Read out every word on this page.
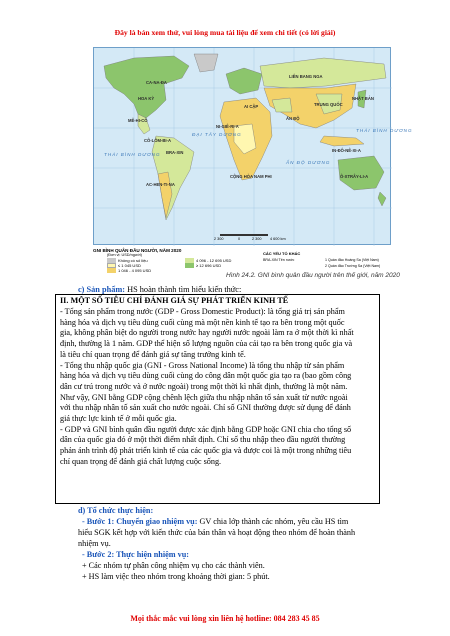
Đây là bản xem thử, vui lòng mua tài liệu để xem chi tiết (có lời giải)
CA-NA-ĐA
HOA KỲ
MÊ-HI-CÔ
CÔ-LÔM-BI-A
BRA-XIN
AC-HEN-TI-NA
LIÊN BANG NGA
TRUNG QUỐC
ẤN ĐỘ
NHẬT BẢN
IN-ĐÔ-NÊ-XI-A
Ô-XTRÂY-LI-A
NI-GIÊ-RI-A
CỘNG HÒA NAM PHI
AI CẬP
THÁI BÌNH DƯƠNG
ĐẠI TÂY DƯƠNG
ẤN ĐỘ DƯƠNG
THÁI BÌNH DƯƠNG
2 300	0	2 300 4 600 km
GNI BÌNH QUÂN ĐẦU NGƯỜI, NĂM 2020
(Đơn vị: USD/người)
Không có số liệu
≤ 1 045 USD
1 046 - 4 095 USD
4 096 - 12 695 USD
≥ 12 696 USD
CÁC YẾU TỐ KHÁC
BRA-XIN Tên nước	1 Quần đảo Hoàng Sa (Việt Nam)
2 Quần đảo Trường Sa (Việt Nam)
Hình 24.2. GNI bình quân đầu người trên thế giới, năm 2020
c) Sản phẩm: HS hoàn thành tìm hiểu kiến thức:
II. MỘT SỐ TIÊU CHÍ ĐÁNH GIÁ SỰ PHÁT TRIỂN KINH TẾ
- Tổng sản phẩm trong nước (GDP - Gross Domestic Product): là tổng giá trị sản phẩm
hàng hóa và dịch vụ tiêu dùng cuối cùng mà một nền kinh tế tạo ra bên trong một quốc
gia, không phân biệt do người trong nước hay người nước ngoài làm ra ở một thời kì nhất
định, thường là 1 năm. GDP thể hiện số lượng nguồn của cải tạo ra bên trong quốc gia và
là tiêu chí quan trọng để đánh giá sự tăng trưởng kinh tế.
- Tổng thu nhập quốc gia (GNI - Gross National Income) là tổng thu nhập từ sản phẩm
hàng hóa và dịch vụ tiêu dùng cuối cùng do công dân một quốc gia tạo ra (bao gồm công
dân cư trú trong nước và ở nước ngoài) trong một thời kì nhất định, thường là một năm.
Như vậy, GNI bằng GDP cộng chênh lệch giữa thu nhập nhân tố sản xuất từ nước ngoài
với thu nhập nhân tố sản xuất cho nước ngoài. Chỉ số GNI thường được sử dụng để đánh
giá thực lực kinh tế ở mỗi quốc gia.
- GDP và GNI bình quân đầu người được xác định bằng GDP hoặc GNI chia cho tổng số
dân của quốc gia đó ở một thời điểm nhất định. Chỉ số thu nhập theo đầu người thường
phản ánh trình độ phát triển kinh tế của các quốc gia và được coi là một trong những tiêu
chí quan trọng để đánh giá chất lượng cuộc sống.
d) Tổ chức thực hiện:
- Bước 1: Chuyển giao nhiệm vụ: GV chia lớp thành các nhóm, yêu cầu HS tìm
hiểu SGK kết hợp với kiến thức của bản thân và hoạt động theo nhóm để hoàn thành
nhiệm vụ.
- Bước 2: Thực hiện nhiệm vụ:
+ Các nhóm tự phân công nhiệm vụ cho các thành viên.
+ HS làm việc theo nhóm trong khoảng thời gian: 5 phút.
Mọi thắc mắc vui lòng xin liên hệ hotline: 084 283 45 85
